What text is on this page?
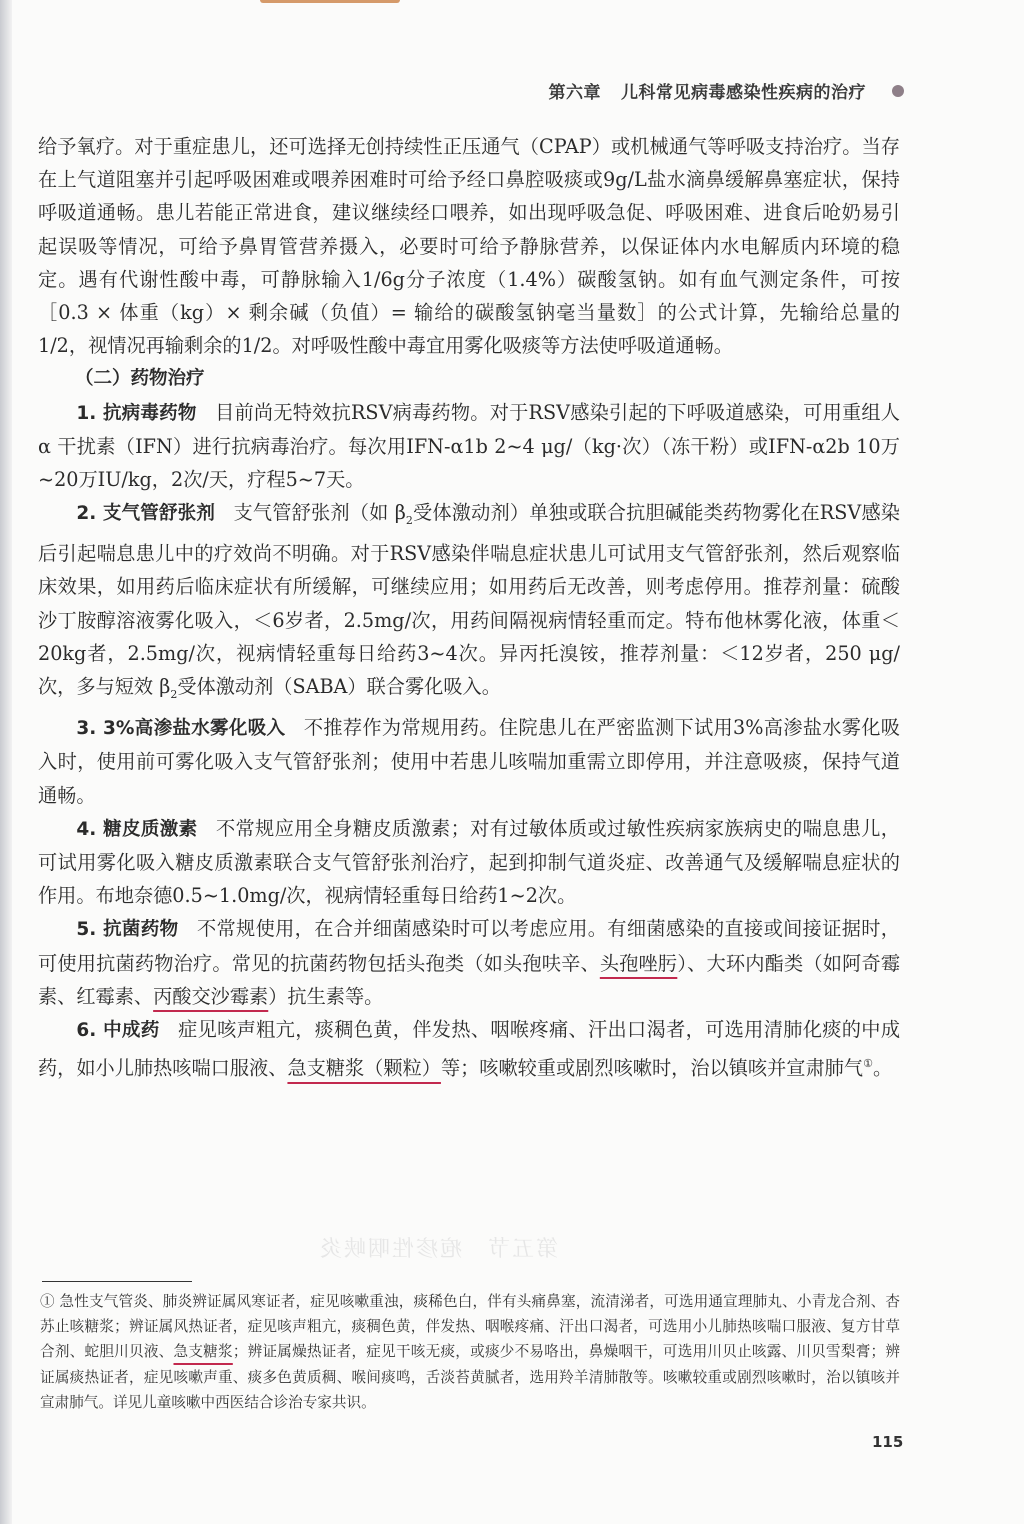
第六章 儿科常见病毒感染性疾病的治疗

给予氧疗。对于重症患儿，还可选择无创持续性正压通气（CPAP）或机械通气等呼吸支持治疗。当存在上气道阻塞并引起呼吸困难或喂养困难时可给予经口鼻腔吸痰或9g/L盐水滴鼻缓解鼻塞症状，保持呼吸道通畅。患儿若能正常进食，建议继续经口喂养，如出现呼吸急促、呼吸困难、进食后呛奶易引起误吸等情况，可给予鼻胃管营养摄入，必要时可给予静脉营养，以保证体内水电解质内环境的稳定。遇有代谢性酸中毒，可静脉输入1/6g分子浓度（1.4%）碳酸氢钠。如有血气测定条件，可按［0.3 × 体重（kg）× 剩余碱（负值）= 输给的碳酸氢钠毫当量数］的公式计算，先输给总量的1/2，视情况再输剩余的1/2。对呼吸性酸中毒宜用雾化吸痰等方法使呼吸道通畅。

（二）药物治疗

1. 抗病毒药物 目前尚无特效抗RSV病毒药物。对于RSV感染引起的下呼吸道感染，可用重组人 α 干扰素（IFN）进行抗病毒治疗。每次用IFN-α1b 2~4 μg/（kg·次）（冻干粉）或IFN-α2b 10万~20万IU/kg，2次/天，疗程5~7天。

2. 支气管舒张剂 支气管舒张剂（如 $\beta_2$受体激动剂）单独或联合抗胆碱能类药物雾化在RSV感染后引起喘息患儿中的疗效尚不明确。对于RSV感染伴喘息症状患儿可试用支气管舒张剂，然后观察临床效果，如用药后临床症状有所缓解，可继续应用；如用药后无改善，则考虑停用。推荐剂量：硫酸沙丁胺醇溶液雾化吸入，＜6岁者，2.5mg/次，用药间隔视病情轻重而定。特布他林雾化液，体重＜20kg者，2.5mg/次，视病情轻重每日给药3~4次。异丙托溴铵，推荐剂量：＜12岁者，250 μg/次，多与短效 $\beta_2$受体激动剂（SABA）联合雾化吸入。

3. 3%高渗盐水雾化吸入 不推荐作为常规用药。住院患儿在严密监测下试用3%高渗盐水雾化吸入时，使用前可雾化吸入支气管舒张剂；使用中若患儿咳喘加重需立即停用，并注意吸痰，保持气道通畅。

4. 糖皮质激素 不常规应用全身糖皮质激素；对有过敏体质或过敏性疾病家族病史的喘息患儿，可试用雾化吸入糖皮质激素联合支气管舒张剂治疗，起到抑制气道炎症、改善通气及缓解喘息症状的作用。布地奈德0.5~1.0mg/次，视病情轻重每日给药1~2次。

5. 抗菌药物 不常规使用，在合并细菌感染时可以考虑应用。有细菌感染的直接或间接证据时，可使用抗菌药物治疗。常见的抗菌药物包括头孢类（如头孢呋辛、头孢唑肟）、大环内酯类（如阿奇霉素、红霉素、丙酸交沙霉素）抗生素等。

6. 中成药 症见咳声粗亢，痰稠色黄，伴发热、咽喉疼痛、汗出口渴者，可选用清肺化痰的中成药，如小儿肺热咳喘口服液、急支糖浆（颗粒）等；咳嗽较重或剧烈咳嗽时，治以镇咳并宣肃肺气①。

第五节　疱疹性咽峡炎
① 急性支气管炎、肺炎辨证属风寒证者，症见咳嗽重浊，痰稀色白，伴有头痛鼻塞，流清涕者，可选用通宣理肺丸、小青龙合剂、杏苏止咳糖浆；辨证属风热证者，症见咳声粗亢，痰稠色黄，伴发热、咽喉疼痛、汗出口渴者，可选用小儿肺热咳喘口服液、复方甘草合剂、蛇胆川贝液、急支糖浆；辨证属燥热证者，症见干咳无痰，或痰少不易咯出，鼻燥咽干，可选用川贝止咳露、川贝雪梨膏；辨证属痰热证者，症见咳嗽声重、痰多色黄质稠、喉间痰鸣，舌淡苔黄腻者，选用羚羊清肺散等。咳嗽较重或剧烈咳嗽时，治以镇咳并宣肃肺气。详见儿童咳嗽中西医结合诊治专家共识。
115
